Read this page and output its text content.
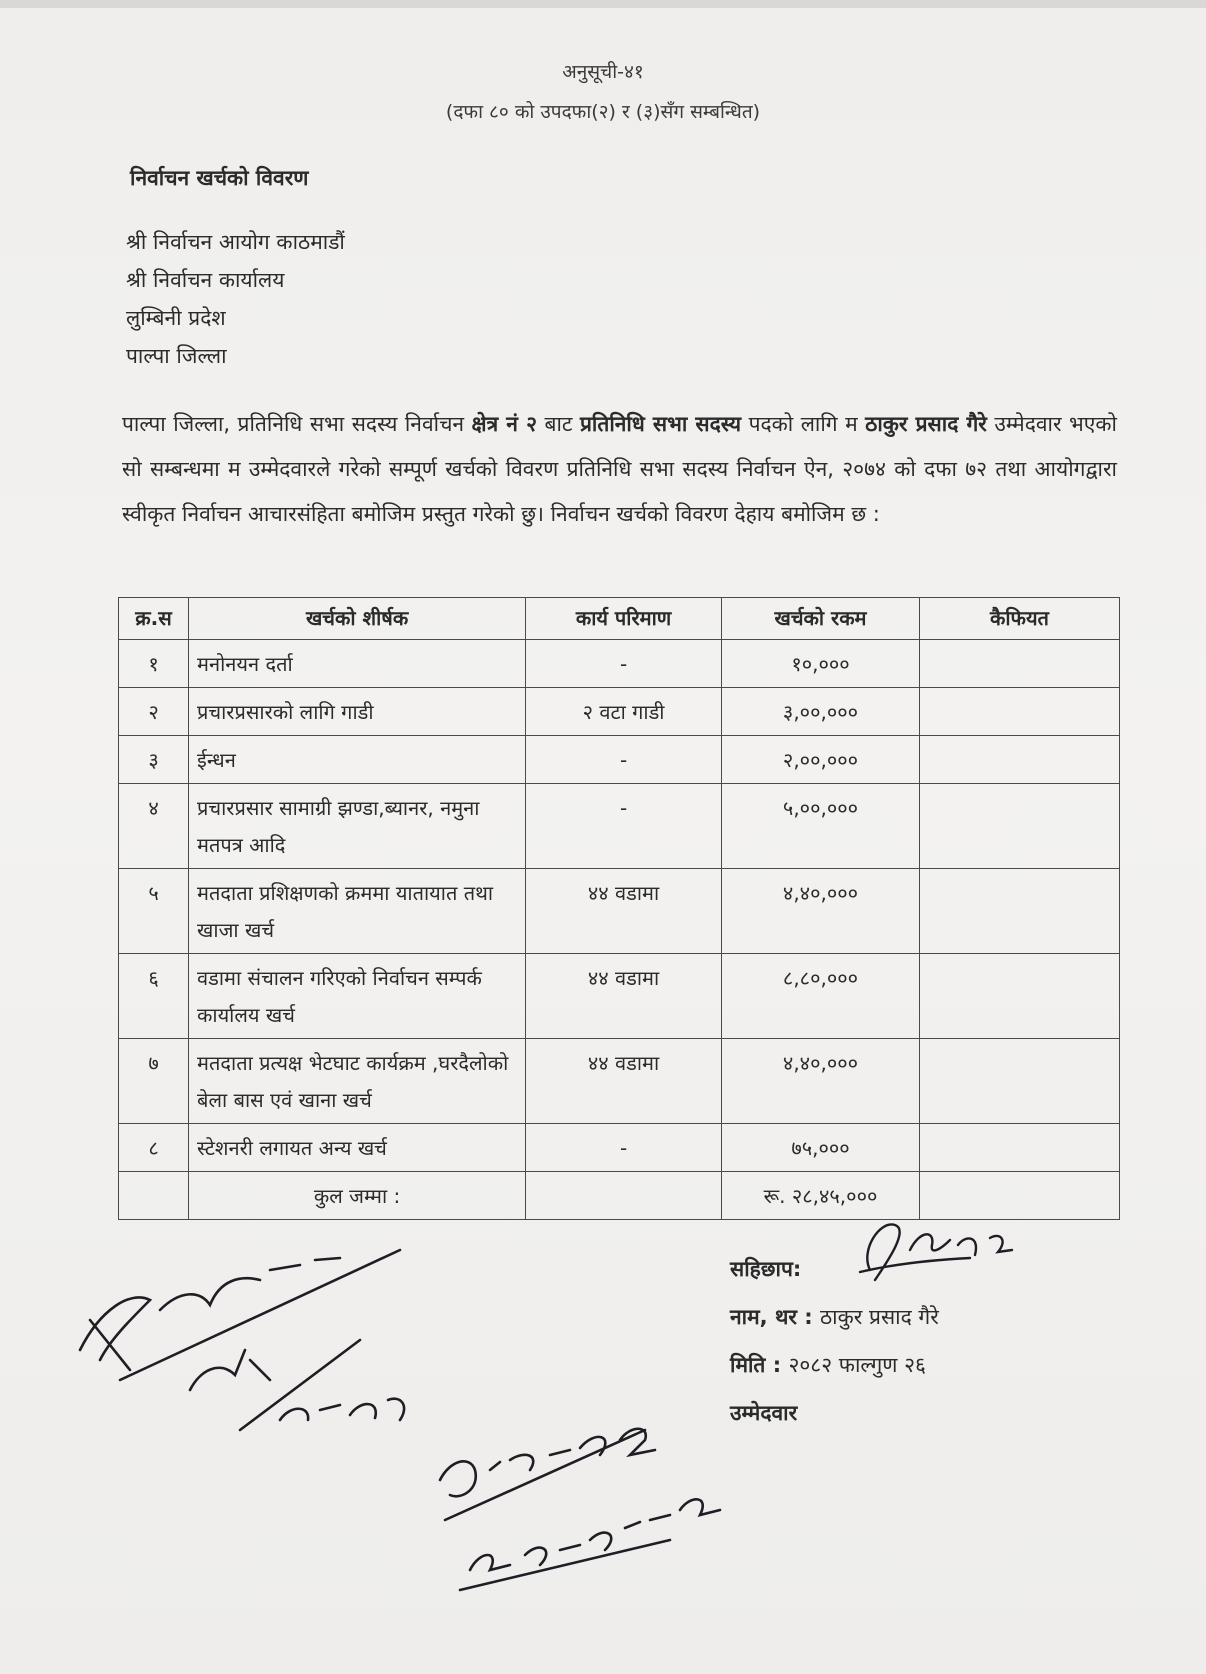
अनुसूची-४१
(दफा ८० को उपदफा(२) र (३)सँग सम्बन्धित)
निर्वाचन खर्चको विवरण
श्री निर्वाचन आयोग काठमाडौं
श्री निर्वाचन कार्यालय
लुम्बिनी प्रदेश
पाल्पा जिल्ला
पाल्पा जिल्ला, प्रतिनिधि सभा सदस्य निर्वाचन क्षेत्र नं २ बाट प्रतिनिधि सभा सदस्य पदको लागि म ठाकुर प्रसाद गैरे उम्मेदवार भएको सो सम्बन्धमा म उम्मेदवारले गरेको सम्पूर्ण खर्चको विवरण प्रतिनिधि सभा सदस्य निर्वाचन ऐन, २०७४ को दफा ७२ तथा आयोगद्वारा स्वीकृत निर्वाचन आचारसंहिता बमोजिम प्रस्तुत गरेको छु। निर्वाचन खर्चको विवरण देहाय बमोजिम छ :
क्र.स	खर्चको शीर्षक	कार्य परिमाण	खर्चको रकम	कैफियत
१	मनोनयन दर्ता	-	१०,०००	
२	प्रचारप्रसारको लागि गाडी	२ वटा गाडी	३,००,०००	
३	ईन्धन	-	२,००,०००	
४	प्रचारप्रसार सामाग्री झण्डा,ब्यानर, नमुना मतपत्र आदि	-	५,००,०००	
५	मतदाता प्रशिक्षणको क्रममा यातायात तथा खाजा खर्च	४४ वडामा	४,४०,०००	
६	वडामा संचालन गरिएको निर्वाचन सम्पर्क कार्यालय खर्च	४४ वडामा	८,८०,०००	
७	मतदाता प्रत्यक्ष भेटघाट कार्यक्रम ,घरदैलोको बेला बास एवं खाना खर्च	४४ वडामा	४,४०,०००	
८	स्टेशनरी लगायत अन्य खर्च	-	७५,०००	
	कुल जम्मा :		रू. २८,४५,०००	
सहिछाप:
नाम, थर : ठाकुर प्रसाद गैरे
मिति : २०८२ फाल्गुण २६
उम्मेदवार
